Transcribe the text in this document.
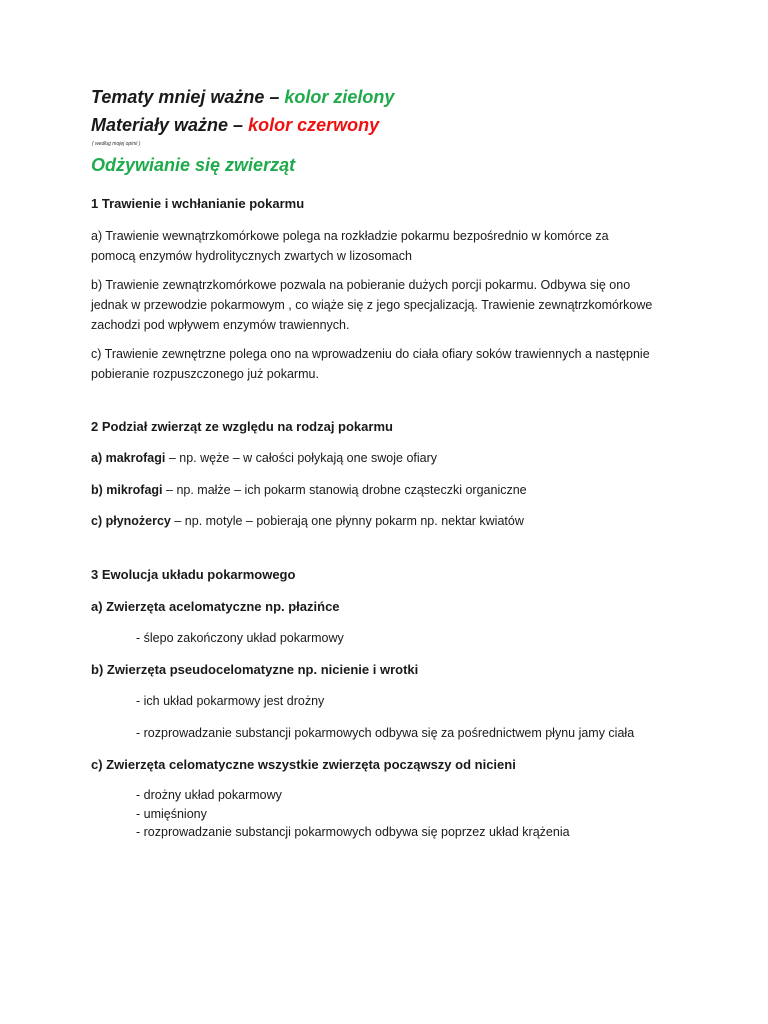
Tematy mniej ważne – kolor zielony
Materiały ważne – kolor czerwony
( według mojej opinii )
Odżywianie się zwierząt
1 Trawienie i wchłanianie pokarmu
a) Trawienie wewnątrzkomórkowe polega na rozkładzie pokarmu bezpośrednio w komórce za
pomocą enzymów hydrolitycznych zwartych w lizosomach
b) Trawienie zewnątrzkomórkowe pozwala na pobieranie dużych porcji pokarmu. Odbywa się ono
jednak w przewodzie pokarmowym , co wiąże się z jego specjalizacją. Trawienie zewnątrzkomórkowe
zachodzi pod wpływem enzymów trawiennych.
c) Trawienie zewnętrzne polega ono na wprowadzeniu do ciała ofiary soków trawiennych a następnie
pobieranie rozpuszczonego już pokarmu.
2 Podział zwierząt ze względu na rodzaj pokarmu
a) makrofagi – np. węże – w całości połykają one swoje ofiary
b) mikrofagi – np. małże – ich pokarm stanowią drobne cząsteczki organiczne
c) płynożercy – np. motyle – pobierają one płynny pokarm np. nektar kwiatów
3 Ewolucja układu pokarmowego
a) Zwierzęta acelomatyczne np. płazińce
- ślepo zakończony układ pokarmowy
b) Zwierzęta pseudocelomatyzne np. nicienie i wrotki
- ich układ pokarmowy jest drożny
- rozprowadzanie substancji pokarmowych odbywa się za pośrednictwem płynu jamy ciała
c) Zwierzęta celomatyczne wszystkie zwierzęta począwszy od nicieni
- drożny układ pokarmowy
- umięśniony
- rozprowadzanie substancji pokarmowych odbywa się poprzez układ krążenia
